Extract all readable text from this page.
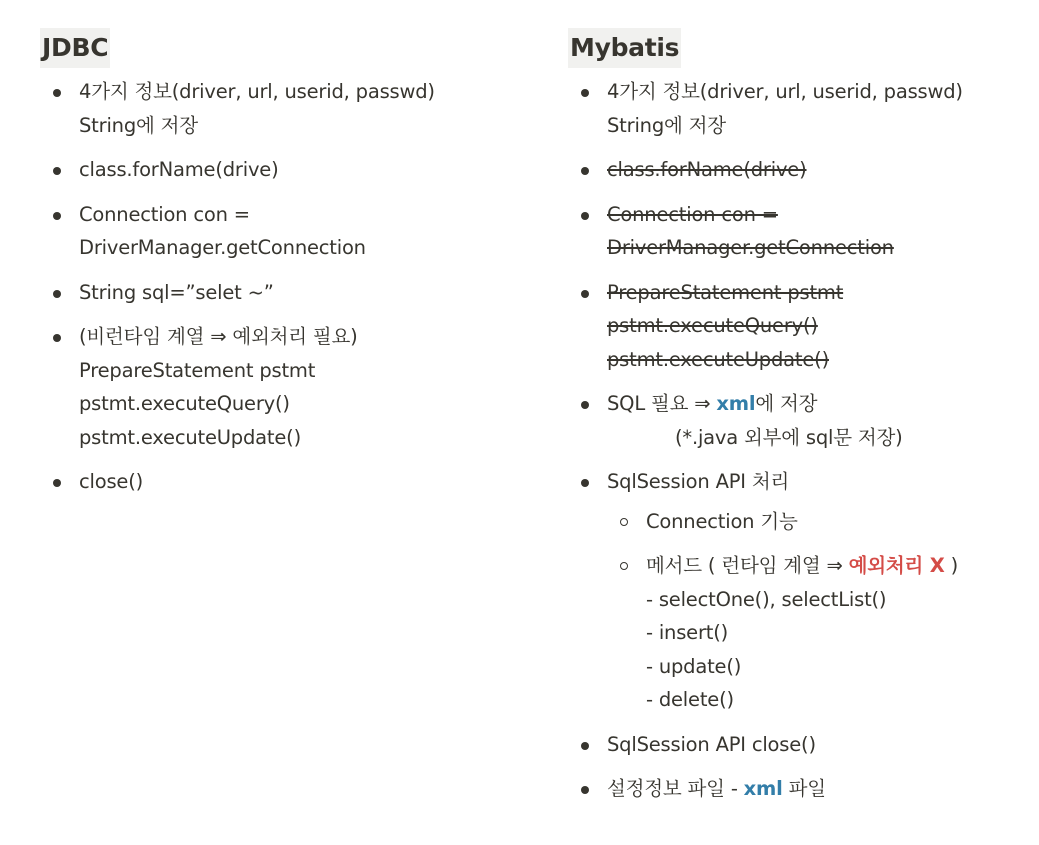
JDBC
4가지 정보(driver, url, userid, passwd)
String에 저장
class.forName(drive)
Connection con =
DriverManager.getConnection
String sql=”selet ~”
(비런타임 계열 ⇒ 예외처리 필요)
PrepareStatement pstmt
pstmt.executeQuery()
pstmt.executeUpdate()
close()
Mybatis
4가지 정보(driver, url, userid, passwd)
String에 저장
class.forName(drive)
Connection con =
DriverManager.getConnection
PrepareStatement pstmt
pstmt.executeQuery()
pstmt.executeUpdate()
SQL 필요 ⇒ xml에 저장
(*.java 외부에 sql문 저장)
SqlSession API 처리
Connection 기능
메서드 ( 런타임 계열 ⇒ 예외처리 X )
- selectOne(), selectList()
- insert()
- update()
- delete()
SqlSession API close()
설정정보 파일 - xml 파일
